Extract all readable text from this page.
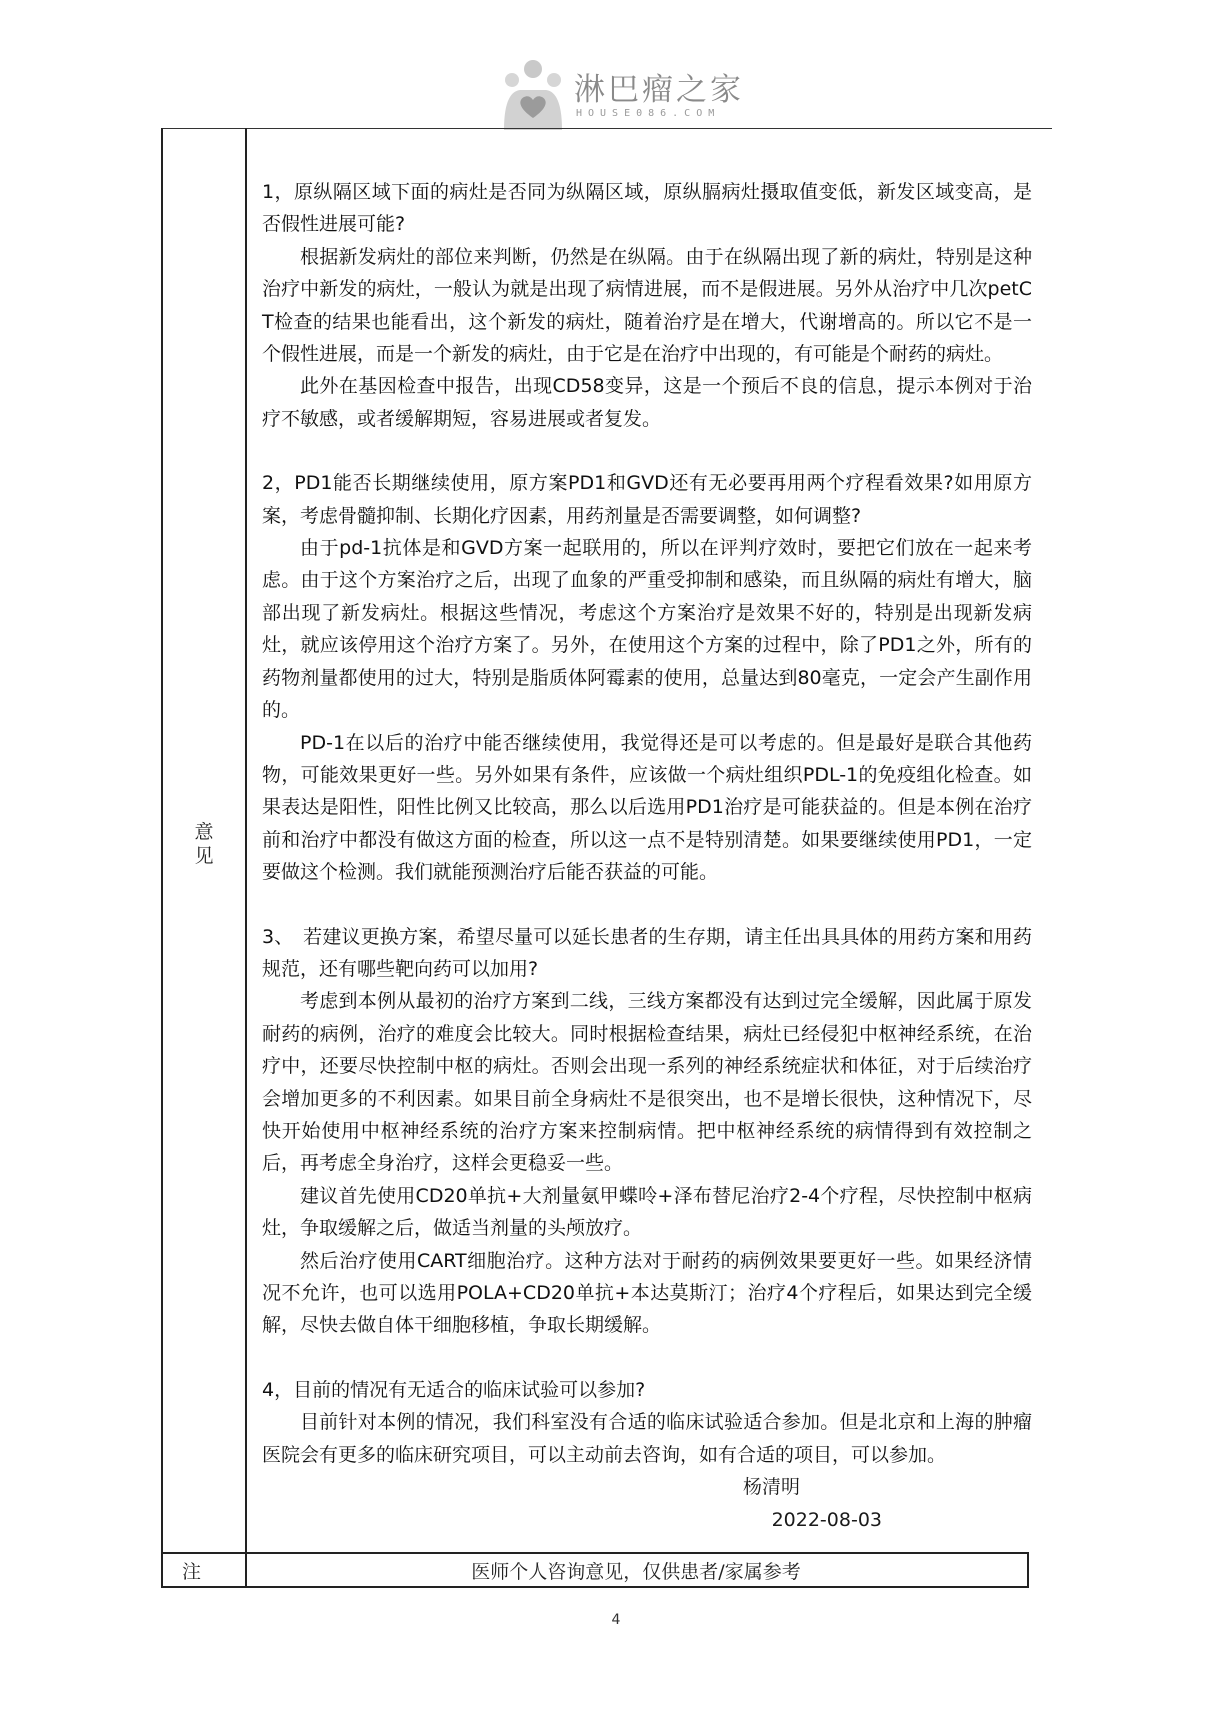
淋巴瘤之家
HOUSE086.COM
意见
注

1，原纵隔区域下面的病灶是否同为纵隔区域，原纵膈病灶摄取值变低，新发区域变高，是否假性进展可能?

根据新发病灶的部位来判断，仍然是在纵隔。由于在纵隔出现了新的病灶，特别是这种治疗中新发的病灶，一般认为就是出现了病情进展，而不是假进展。另外从治疗中几次petCT检查的结果也能看出，这个新发的病灶，随着治疗是在增大，代谢增高的。所以它不是一个假性进展，而是一个新发的病灶，由于它是在治疗中出现的，有可能是个耐药的病灶。

此外在基因检查中报告，出现CD58变异，这是一个预后不良的信息，提示本例对于治疗不敏感，或者缓解期短，容易进展或者复发。

2，PD1能否长期继续使用，原方案PD1和GVD还有无必要再用两个疗程看效果?如用原方案，考虑骨髓抑制、长期化疗因素，用药剂量是否需要调整，如何调整?

由于pd-1抗体是和GVD方案一起联用的，所以在评判疗效时，要把它们放在一起来考虑。由于这个方案治疗之后，出现了血象的严重受抑制和感染，而且纵隔的病灶有增大，脑部出现了新发病灶。根据这些情况，考虑这个方案治疗是效果不好的，特别是出现新发病灶，就应该停用这个治疗方案了。另外，在使用这个方案的过程中，除了PD1之外，所有的药物剂量都使用的过大，特别是脂质体阿霉素的使用，总量达到80毫克，一定会产生副作用的。

PD-1在以后的治疗中能否继续使用，我觉得还是可以考虑的。但是最好是联合其他药物，可能效果更好一些。另外如果有条件，应该做一个病灶组织PDL-1的免疫组化检查。如果表达是阳性，阳性比例又比较高，那么以后选用PD1治疗是可能获益的。但是本例在治疗前和治疗中都没有做这方面的检查，所以这一点不是特别清楚。如果要继续使用PD1，一定要做这个检测。我们就能预测治疗后能否获益的可能。

3、　若建议更换方案，希望尽量可以延长患者的生存期，请主任出具具体的用药方案和用药规范，还有哪些靶向药可以加用?

考虑到本例从最初的治疗方案到二线，三线方案都没有达到过完全缓解，因此属于原发耐药的病例，治疗的难度会比较大。同时根据检查结果，病灶已经侵犯中枢神经系统，在治疗中，还要尽快控制中枢的病灶。否则会出现一系列的神经系统症状和体征，对于后续治疗会增加更多的不利因素。如果目前全身病灶不是很突出，也不是增长很快，这种情况下，尽快开始使用中枢神经系统的治疗方案来控制病情。把中枢神经系统的病情得到有效控制之后，再考虑全身治疗，这样会更稳妥一些。

建议首先使用CD20单抗+大剂量氨甲蝶呤+泽布替尼治疗2-4个疗程，尽快控制中枢病灶，争取缓解之后，做适当剂量的头颅放疗。

然后治疗使用CART细胞治疗。这种方法对于耐药的病例效果要更好一些。如果经济情况不允许，也可以选用POLA+CD20单抗+本达莫斯汀；治疗4个疗程后，如果达到完全缓解，尽快去做自体干细胞移植，争取长期缓解。

4，目前的情况有无适合的临床试验可以参加?

目前针对本例的情况，我们科室没有合适的临床试验适合参加。但是北京和上海的肿瘤医院会有更多的临床研究项目，可以主动前去咨询，如有合适的项目，可以参加。

杨清明
2022-08-03
医师个人咨询意见，仅供患者/家属参考
4
